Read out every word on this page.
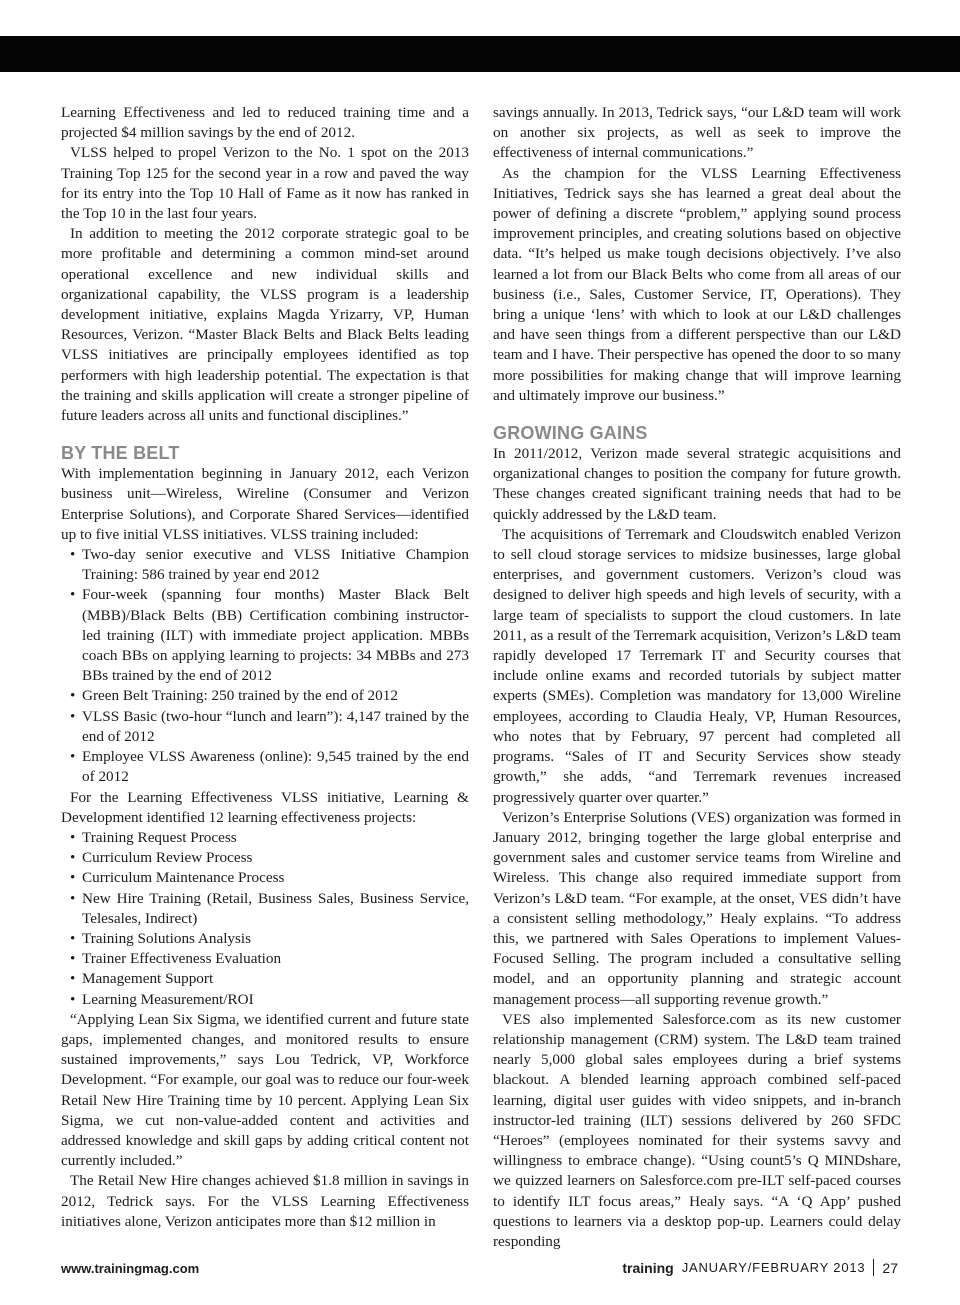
Learning Effectiveness and led to reduced training time and a projected $4 million savings by the end of 2012.

VLSS helped to propel Verizon to the No. 1 spot on the 2013 Training Top 125 for the second year in a row and paved the way for its entry into the Top 10 Hall of Fame as it now has ranked in the Top 10 in the last four years.

In addition to meeting the 2012 corporate strategic goal to be more profitable and determining a common mind-set around operational excellence and new individual skills and organizational capability, the VLSS program is a leadership development initiative, explains Magda Yrizarry, VP, Human Resources, Verizon. “Master Black Belts and Black Belts leading VLSS initiatives are principally employees identified as top performers with high leadership potential. The expectation is that the training and skills application will create a stronger pipeline of future leaders across all units and functional disciplines.”

BY THE BELT

With implementation beginning in January 2012, each Verizon business unit—Wireless, Wireline (Consumer and Verizon Enterprise Solutions), and Corporate Shared Services—identified up to five initial VLSS initiatives. VLSS training included:

• Two-day senior executive and VLSS Initiative Champion Training: 586 trained by year end 2012
• Four-week (spanning four months) Master Black Belt (MBB)/Black Belts (BB) Certification combining instructor-led training (ILT) with immediate project application. MBBs coach BBs on applying learning to projects: 34 MBBs and 273 BBs trained by the end of 2012
• Green Belt Training: 250 trained by the end of 2012
• VLSS Basic (two-hour “lunch and learn”): 4,147 trained by the end of 2012
• Employee VLSS Awareness (online): 9,545 trained by the end of 2012

For the Learning Effectiveness VLSS initiative, Learning & Development identified 12 learning effectiveness projects:

• Training Request Process
• Curriculum Review Process
• Curriculum Maintenance Process
• New Hire Training (Retail, Business Sales, Business Service, Telesales, Indirect)
• Training Solutions Analysis
• Trainer Effectiveness Evaluation
• Management Support
• Learning Measurement/ROI

“Applying Lean Six Sigma, we identified current and future state gaps, implemented changes, and monitored results to ensure sustained improvements,” says Lou Tedrick, VP, Workforce Development. “For example, our goal was to reduce our four-week Retail New Hire Training time by 10 percent. Applying Lean Six Sigma, we cut non-value-added content and activities and addressed knowledge and skill gaps by adding critical content not currently included.”

The Retail New Hire changes achieved $1.8 million in savings in 2012, Tedrick says. For the VLSS Learning Effectiveness initiatives alone, Verizon anticipates more than $12 million in

savings annually. In 2013, Tedrick says, “our L&D team will work on another six projects, as well as seek to improve the effectiveness of internal communications.”

As the champion for the VLSS Learning Effectiveness Initiatives, Tedrick says she has learned a great deal about the power of defining a discrete “problem,” applying sound process improvement principles, and creating solutions based on objective data. “It’s helped us make tough decisions objectively. I’ve also learned a lot from our Black Belts who come from all areas of our business (i.e., Sales, Customer Service, IT, Operations). They bring a unique ‘lens’ with which to look at our L&D challenges and have seen things from a different perspective than our L&D team and I have. Their perspective has opened the door to so many more possibilities for making change that will improve learning and ultimately improve our business.”

GROWING GAINS

In 2011/2012, Verizon made several strategic acquisitions and organizational changes to position the company for future growth. These changes created significant training needs that had to be quickly addressed by the L&D team.

The acquisitions of Terremark and Cloudswitch enabled Verizon to sell cloud storage services to midsize businesses, large global enterprises, and government customers. Verizon’s cloud was designed to deliver high speeds and high levels of security, with a large team of specialists to support the cloud customers. In late 2011, as a result of the Terremark acquisition, Verizon’s L&D team rapidly developed 17 Terremark IT and Security courses that include online exams and recorded tutorials by subject matter experts (SMEs). Completion was mandatory for 13,000 Wireline employees, according to Claudia Healy, VP, Human Resources, who notes that by February, 97 percent had completed all programs. “Sales of IT and Security Services show steady growth,” she adds, “and Terremark revenues increased progressively quarter over quarter.”

Verizon’s Enterprise Solutions (VES) organization was formed in January 2012, bringing together the large global enterprise and government sales and customer service teams from Wireline and Wireless. This change also required immediate support from Verizon’s L&D team. “For example, at the onset, VES didn’t have a consistent selling methodology,” Healy explains. “To address this, we partnered with Sales Operations to implement Values-Focused Selling. The program included a consultative selling model, and an opportunity planning and strategic account management process—all supporting revenue growth.”

VES also implemented Salesforce.com as its new customer relationship management (CRM) system. The L&D team trained nearly 5,000 global sales employees during a brief systems blackout. A blended learning approach combined self-paced learning, digital user guides with video snippets, and in-branch instructor-led training (ILT) sessions delivered by 260 SFDC “Heroes” (employees nominated for their systems savvy and willingness to embrace change). “Using count5’s Q MINDshare, we quizzed learners on Salesforce.com pre-ILT self-paced courses to identify ILT focus areas,” Healy says. “A ‘Q App’ pushed questions to learners via a desktop pop-up. Learners could delay responding

www.trainingmag.com	training JANUARY/FEBRUARY 2013 27
